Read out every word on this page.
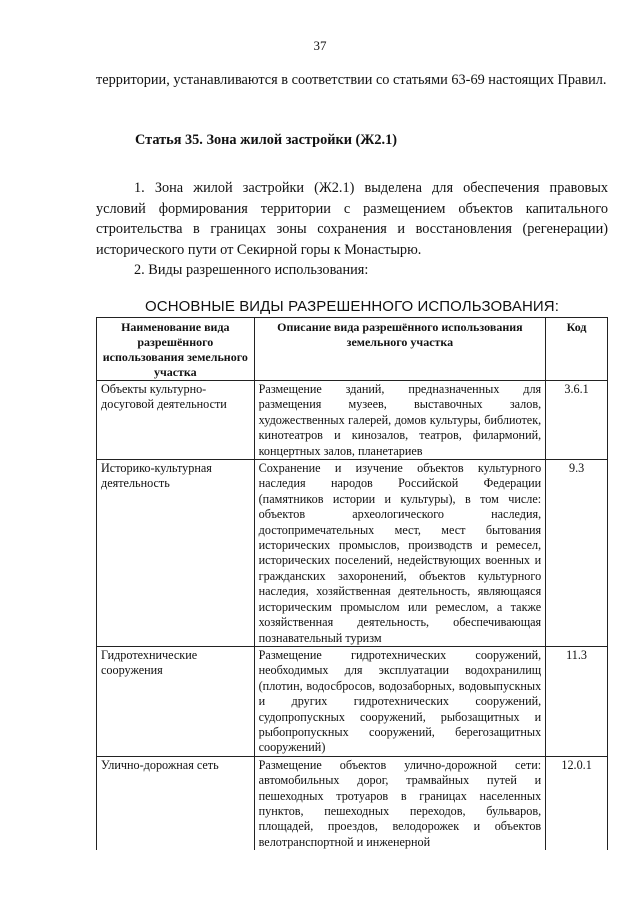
37
территории, устанавливаются в соответствии со статьями 63-69 настоящих Правил.
Статья 35. Зона жилой застройки (Ж2.1)
1. Зона жилой застройки (Ж2.1) выделена для обеспечения правовых условий формирования территории с размещением объектов капитального строительства в границах зоны сохранения и восстановления (регенерации) исторического пути от Секирной горы к Монастырю.
2. Виды разрешенного использования:
ОСНОВНЫЕ ВИДЫ РАЗРЕШЕННОГО ИСПОЛЬЗОВАНИЯ:
Наименование вида разрешённого использования земельного участка	Описание вида разрешённого использования земельного участка	Код
Объекты культурно-досуговой деятельности	Размещение зданий, предназначенных для размещения музеев, выставочных залов, художественных галерей, домов культуры, библиотек, кинотеатров и кинозалов, театров, филармоний, концертных залов, планетариев	3.6.1
Историко-культурная деятельность	Сохранение и изучение объектов культурного наследия народов Российской Федерации (памятников истории и культуры), в том числе: объектов археологического наследия, достопримечательных мест, мест бытования исторических промыслов, производств и ремесел, исторических поселений, недействующих военных и гражданских захоронений, объектов культурного наследия, хозяйственная деятельность, являющаяся историческим промыслом или ремеслом, а также хозяйственная деятельность, обеспечивающая познавательный туризм	9.3
Гидротехнические сооружения	Размещение гидротехнических сооружений, необходимых для эксплуатации водохранилищ (плотин, водосбросов, водозаборных, водовыпускных и других гидротехнических сооружений, судопропускных сооружений, рыбозащитных и рыбопропускных сооружений, берегозащитных сооружений)	11.3
Улично-дорожная сеть	Размещение объектов улично-дорожной сети: автомобильных дорог, трамвайных путей и пешеходных тротуаров в границах населенных пунктов, пешеходных переходов, бульваров, площадей, проездов, велодорожек и объектов велотранспортной и инженерной	12.0.1
